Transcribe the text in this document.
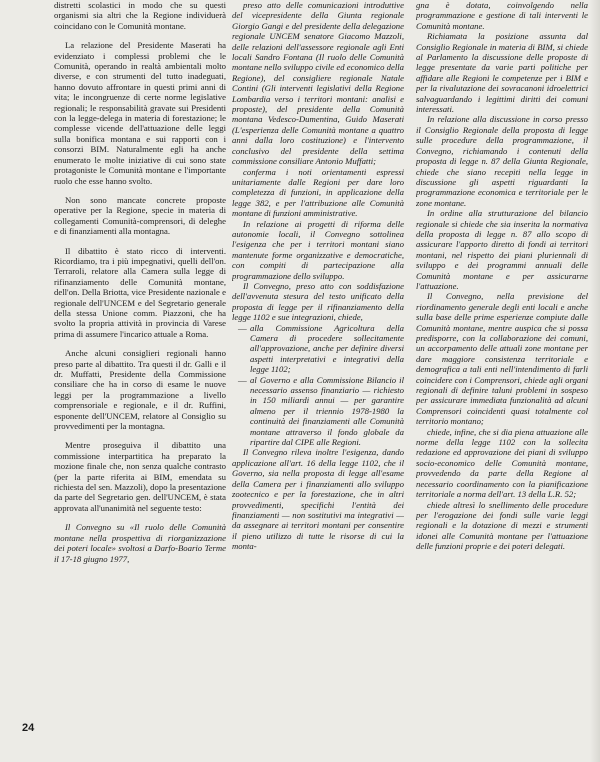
distretti scolastici in modo che su questi organismi sia altri che la Regione individuerà coincidano con le Comunità montane.

La relazione del Presidente Maserati ha evidenziato i complessi problemi che le Comunità, operando in realtà ambientali molto diverse, e con strumenti del tutto inadeguati, hanno dovuto affrontare in questi primi anni di vita; le incongruenze di certe norme legislative regionali; le responsabilità gravate sui Presidenti con la legge-delega in materia di forestazione; le complesse vicende dell'attuazione delle leggi sulla bonifica montana e sui rapporti con i consorzi BIM. Naturalmente egli ha anche enumerato le molte iniziative di cui sono state protagoniste le Comunità montane e l'importante ruolo che esse hanno svolto.

Non sono mancate concrete proposte operative per la Regione, specie in materia di collegamenti Comunità-comprensori, di deleghe e di finanziamenti alla montagna.

Il dibattito è stato ricco di interventi. Ricordiamo, tra i più impegnativi, quelli dell'on. Terraroli, relatore alla Camera sulla legge di rifinanziamento delle Comunità montane, dell'on. Della Briotta, vice Presidente nazionale e regionale dell'UNCEM e del Segretario generale della stessa Unione comm. Piazzoni, che ha svolto la propria attività in provincia di Varese prima di assumere l'incarico attuale a Roma.

Anche alcuni consiglieri regionali hanno preso parte al dibattito. Tra questi il dr. Galli e il dr. Muffatti, Presidente della Commissione consiliare che ha in corso di esame le nuove leggi per la programmazione a livello comprensoriale e regionale, e il dr. Ruffini, esponente dell'UNCEM, relatore al Consiglio su provvedimenti per la montagna.

Mentre proseguiva il dibattito una commissione interpartitica ha preparato la mozione finale che, non senza qualche contrasto (per la parte riferita ai BIM, emendata su richiesta del sen. Mazzoli), dopo la presentazione da parte del Segretario gen. dell'UNCEM, è stata approvata all'unanimità nel seguente testo:

Il Convegno su «Il ruolo delle Comunità montane nella prospettiva di riorganizzazione dei poteri locale» svoltosi a Darfo-Boario Terme il 17-18 giugno 1977,

preso atto delle comunicazioni introduttive del vicepresidente della Giunta regionale Giorgio Gangi e del presidente della delegazione regionale UNCEM senatore Giacomo Mazzoli, delle relazioni dell'assessore regionale agli Enti locali Sandro Fontana (Il ruolo delle Comunità montane nello sviluppo civile ed economico della Regione), del consigliere regionale Natale Contini (Gli interventi legislativi della Regione Lombardia verso i territori montani: analisi e proposte), del presidente della Comunità montana Vedesco-Dumentina, Guido Maserati (L'esperienza delle Comunità montane a quattro anni dalla loro costituzione) e l'intervento conclusivo del presidente della settima commissione consiliare Antonio Muffatti;

conferma i noti orientamenti espressi unitariamente dalle Regioni per dare loro completezza di funzioni, in applicazione della legge 382, e per l'attribuzione alle Comunità montane di funzioni amministrative.

In relazione ai progetti di riforma delle autonomie locali, il Convegno sottolinea l'esigenza che per i territori montani siano mantenute forme organizzative e democratiche, con compiti di partecipazione alla programmazione dello sviluppo.

Il Convegno, preso atto con soddisfazione dell'avvenuta stesura del testo unificato della proposta di legge per il rifinanziamento della legge 1102 e sue integrazioni, chiede,

— alla Commissione Agricoltura della Camera di procedere sollecitamente all'approvazione, anche per definire diversi aspetti interpretativi e integrativi della legge 1102;
— al Governo e alla Commissione Bilancio il necessario assenso finanziario — richiesto in 150 miliardi annui — per garantire almeno per il triennio 1978-1980 la continuità dei finanziamenti alle Comunità montane attraverso il fondo globale da ripartire dal CIPE alle Regioni.

Il Convegno rileva inoltre l'esigenza, dando applicazione all'art. 16 della legge 1102, che il Governo, sia nella proposta di legge all'esame della Camera per i finanziamenti allo sviluppo zootecnico e per la forestazione, che in altri provvedimenti, specifichi l'entità dei finanziamenti — non sostitutivi ma integrativi — da assegnare ai territori montani per consentire il pieno utilizzo di tutte le risorse di cui la monta-

gna è dotata, coinvolgendo nella programmazione e gestione di tali interventi le Comunità montane.

Richiamata la posizione assunta dal Consiglio Regionale in materia di BIM, si chiede al Parlamento la discussione delle proposte di legge presentate da varie parti politiche per affidare alle Regioni le competenze per i BIM e per la rivalutazione dei sovracanoni idroelettrici salvaguardando i legittimi diritti dei comuni interessati.

In relazione alla discussione in corso presso il Consiglio Regionale della proposta di legge sulle procedure della programmazione, il Convegno, richiamando i contenuti della proposta di legge n. 87 della Giunta Regionale, chiede che siano recepiti nella legge in discussione gli aspetti riguardanti la programmazione economica e territoriale per le zone montane.

In ordine alla strutturazione del bilancio regionale si chiede che sia inserita la normativa della proposta di legge n. 87 allo scopo di assicurare l'apporto diretto di fondi ai territori montani, nel rispetto dei piani pluriennali di sviluppo e dei programmi annuali delle Comunità montane e per assicurarne l'attuazione.

Il Convegno, nella previsione del riordinamento generale degli enti locali e anche sulla base delle prime esperienze compiute dalle Comunità montane, mentre auspica che si possa predisporre, con la collaborazione dei comuni, un accorpamento delle attuali zone montane per dare maggiore consistenza territoriale e demografica a tali enti nell'intendimento di farli coincidere con i Comprensori, chiede agli organi regionali di definire taluni problemi in sospeso per assicurare immediata funzionalità ad alcuni Comprensori coincidenti quasi totalmente col territorio montano;

chiede, infine, che si dia piena attuazione alle norme della legge 1102 con la sollecita redazione ed approvazione dei piani di sviluppo socio-economico delle Comunità montane, provvedendo da parte della Regione al necessario coordinamento con la pianificazione territoriale a norma dell'art. 13 della L.R. 52;

chiede altresì lo snellimento delle procedure per l'erogazione dei fondi sulle varie leggi regionali e la dotazione di mezzi e strumenti idonei alle Comunità montane per l'attuazione delle funzioni proprie e dei poteri delegati.

24
